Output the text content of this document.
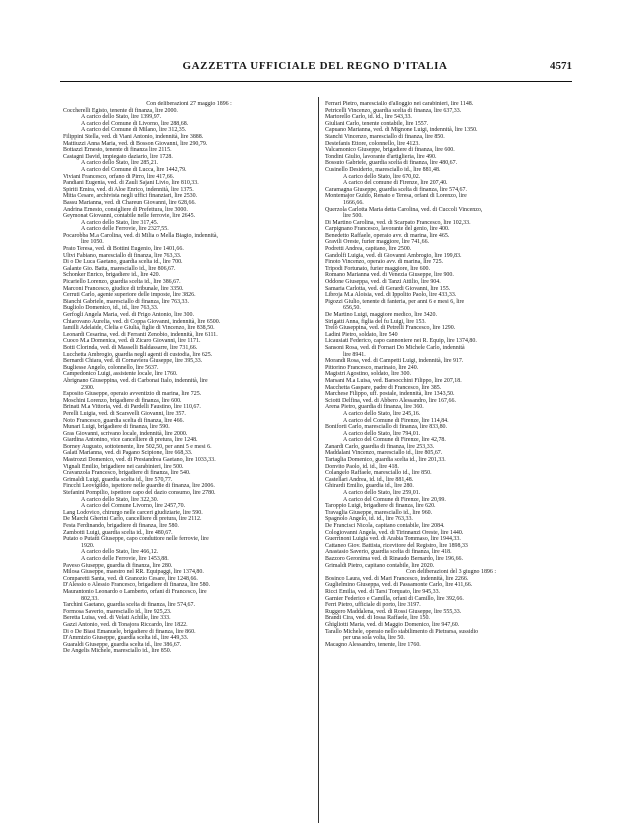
GAZZETTA UFFICIALE DEL REGNO D'ITALIA	4571

Con deliberazioni 27 maggio 1896 :

Coccherelli Egisto, tenente di finanza, lire 2000.

A carico dello Stato, lire 1399,97.

A carico del Comune di Livorno, lire 288,68.

A carico del Comune di Milano, lire 312,35.

Filippini Stella, ved. di Viani Antonio, indennità, lire 3888.

Mattiuzzi Anna Maria, ved. di Bosson Giovanni, lire 290,79.

Bottazzi Ernesto, tenente di finanza lire 2115.

Castagni David, impiegato daziario, lire 1728.

A carico dello Stato, lire 285,21.

A carico del Comune di Lucca, lire 1442,79.

Viviani Francesco, orfano di Pirro, lire 417,66.

Pandiani Eugenia, ved. di Zauli Sajani Livio, lire 810,33.

Spiriti Emira, ved. di Aloe Enrico, indennità, lire 1375.

Mitta Cesare, archivista negli uffici finanziari, lire 2530.

Bassu Marianna, ved. di Chareun Giovanni, lire 628,66.

Andrina Ernesto, consigliere di Prefettura, lire 3000.

Geymonat Giovanni, contabile nelle ferrovie, lire 2645.

A carico dello Stato, lire 317,45.

A carico delle Ferrovie, lire 2327,55.

Pocarobba M.a Carolina, ved. di Milia o Mella Biagio, indennità,

lire 1050.

Prato Teresa, ved. di Bottini Eugenio, lire 1401,66.

Ultvi Fabiano, maresciallo di finanza, lire 763,33.

Di o De Luca Gaetano, guardia scelta id., lire 700.

Galante Gio. Batta, maresciallo id., lire 806,67.

Schonker Enrico, brigadiere id., lire 420.

Picariello Lorenzo, guardia scelta id., lire 386,67.

Marconi Francesco, giudice di tribunale, lire 3350.

Cerruti Carlo, agente superiore delle imposte, lire 3826.

Bianchi Gabriele, maresciallo di finanza, lire 763,33.

Bugliolo Domenico, id., id., lire 763,33.

Gerfogli Angela Maria, ved. di Frigo Antonio, lire 300.

Chiarovano Aurelia, ved. di Coppa Giovanni, indennità, lire 6500.

Iamilli Adelaide, Clelia e Giulia, figlie di Vincenzo, lire 838,50.

Leonardi Cesarina, ved. di Ferranti Zenobio, indennità, lire 6111.

Cuoco M.a Domenica, ved. di Zicaro Giovanni, lire 1171.

Botti Clorinda, ved. di Masselli Baldassarre, lire 731,66.

Lucchetta Ambrogio, guardia negli agenti di custodia, lire 625.

Bernardi Chiara, ved. di Cornaviera Giuseppe, lire 395,33.

Bugliesse Angelo, colonnello, lire 5637.

Campedonico Luigi, assistente locale, lire 1760.

Abrignano Giuseppina, ved. di Carbonai Italo, indennità, lire

2300.

Esposito Giuseppe, operaio avventizio di marina, lire 725.

Moschini Lorenzo, brigadiere di finanza, lire 600.

Brinati M.a Vittoria, ved. di Pardelli Faustino, lire 110,67.

Perelli Luigia, ved. di Scarsvelli Giovanni, lire 357.

Noto Francesco, guardia scelta di finanza, lire 466.

Munari Luigi, brigadiere di finanza, lire 590.

Gras Giovanni, scrivano locale, indennità, lire 2000.

Giardina Antonino, vice cancelliere di pretura, lire 1248.

Borney Augusto, sottotenente, lire 502,50, per anni 5 e mesi 6.

Galati Marianna, ved. di Pagano Scipione, lire 668,33.

Mastrozzi Domenico, ved. di Prestandrea Gaetano, lire 1033,33.

Vignali Emilio, brigadiere nei carabinieri, lire 500.

Cravanzola Francesco, brigadiere di finanza, lire 540.

Grimaldi Luigi, guardia scelta id., lire 570,77.

Fincchi Leovigildo, ispettore nelle guardie di finanza, lire 2006.

Stefanini Pompilio, ispettore capo del dazio consumo, lire 2780.

A carico dello Stato, lire 322,30.

A carico del Comune Livorno, lire 2457,70.

Lang Lodovico, chirurgo nelle carceri giudiziarie, lire 590.

De Marchi Gherini Carlo, cancelliere di pretura, lire 2112.

Festa Ferdinando, brigadiere di finanza, lire 580.

Zambotti Luigi, guardia scelta id., lire 480,67.

Putato o Putatti Giuseppe, capo conduttore nelle ferrovie, lire

1920.

A carico dello Stato, lire 466,12.

A carico delle Ferrovie, lire 1453,88.

Paveso Giuseppe, guardia di finanza, lire 280.

Milosa Giuseppe, maestro nel RR. Equipaggi, lire 1374,80.

Comparetti Santa, ved. di Granozio Cesare, lire 1248,66.

D'Alessio o Alessio Francesco, brigadiere di finanza, lire 580.

Maurantonio Leonardo o Lamberto, orfani di Francesco, lire

802,33.

Tarchini Gaetano, guardia scelta di finanza, lire 574,67.

Formosa Saverio, maresciallo id., lire 925,23.

Beretta Luisa, ved. di Velati Achille, lire 333.

Gazzi Antonio, ved. di Tonajora Riccardo, lire 1822.

Di o De Biasi Emanuele, brigadiere di finanza, lire 860.

D'Ammizio Giuseppe, guardia scelta id., lire 449,33.

Guaraldi Giuseppe, guardia scelta id., lire 386,67.

De Angelis Michele, maresciallo id., lire 850.

Ferrari Pietro, maresciallo d'alloggio nei carabinieri, lire 1148.

Petricelli Vincenzo, guardia scelta di finanza, lire 637,33.

Martorello Carlo, id. id., lire 543,33.

Giuliani Carlo, tenente contabile, lire 1557.

Capuano Marianna, ved. di Mignone Luigi, indennità, lire 1350.

Stanchi Vincenzo, maresciallo di finanza, lire 850.

Destefanis Ettore, colonnello, lire 4123.

Valcamonico Giuseppe, brigadiere di finanza, lire 600.

Tondini Giulio, lavorante d'artiglieria, lire 490.

Bossuto Gabriele, guardia scelta di finanza, lire 480,67.

Cusinello Desiderio, maresciallo id., lire 881,48.

A carico dello Stato, lire 670,02.

A carico del comune di Firenze, lire 207,40.

Caramagna Giuseppe, guardia scelta di finanza, lire 574,67.

Montemajor Guido, Renato e Teresa, orfani di Lorenzo, lire

1666,66.

Querzola Carlotta Maria detta Carolina, ved. di Cuccoli Vincenzo,

lire 500.

Di Martino Carolina, ved. di Scarpato Francesco, lire 102,33.

Carpignano Francesco, lavorante del genio, lire 400.

Benedetto Raffaele, operaio avv. di marina, lire 465.

Gravili Oreste, furier maggiore, lire 741,66.

Podretti Andrea, capitano, lire 2500.

Gandolfi Luigia, ved. di Giovanni Ambrogio, lire 199,83.

Finoto Vincenzo, operaio avv. di marina, lire 725.

Tripodi Fortunato, furier maggiore, lire 600.

Romano Marianna ved. di Venezia Giuseppe, lire 900.

Oddone Giuseppa, ved. di Tanzi Attilio, lire 904.

Samaria Carlotta, ved. di Gerardi Giovanni, lire 155.

Libroja M.a Aloisia, ved. di Ippolito Paolo, lire 433,33.

Pigozzi Giulio, tenente di fanteria, per anni 6 e mesi 6, lire

656,50.

De Martino Luigi, maggiore medico, lire 3420.

Sirigatti Anna, figlia del fu Luigi, lire 153.

Trelò Giuseppina, ved. di Petrelli Francesco, lire 1290.

Ladini Pietro, soldato, lire 540

Licausiati Federico, capo cannoniere nei R. Equip, lire 1374,80.

Sansoni Rosa, ved. di Fornari Do Michele Carlo, indennità

lire 8941.

Morandi Rosa, ved. di Campetti Luigi, indennità, lire 917.

Pittorino Francesco, marinaio, lire 240.

Magistri Agostino, soldato, lire 300.

Marsani M.a Luisa, ved. Barsocchini Filippo, lire 207,18.

Macchetta Gaspare, padre di Francesco, lire 385.

Marchese Filippo, uff. postale, indennità, lire 1343,50.

Sciotti Delfina, ved. di Abbero Alessandro, lire 167,66.

Arena Pietro, guardia di finanza, lire 360.

A carico dello Stato, lire 245,16.

A carico del Comune di Firenze, lire 114,84.

Boniforti Carlo, maresciallo di finanza, lire 833,80.

A carico dello Stato, lire 794,01.

A carico del Comune di Firenze, lire 42,78.

Zanardi Carlo, guardia di finanza, lire 253,33.

Maddalani Vincenzo, maresciallo id., lire 805,67.

Tartaglia Domenico, guardia scelta id., lire 201,33.

Donvito Paolo, id. id., lire 418.

Colangelo Raffaele, maresciallo id., lire 850.

Castellari Andrea, id. id., lire 881,48.

Ghirardi Emilio, guardia id., lire 280.

A carico dello Stato, lire 259,01.

A carico del Comune di Firenze, lire 20,99.

Taroppio Luigi, brigadiere di finanza, lire 620.

Travaglia Giuseppe, maresciallo id., lire 960.

Spagnolo Angelo, id. id., lire 763,33.

De Francisci Nicola, capitano contabile, lire 2084.

Cologiovanni Angela, ved. di Tirinnanzi Oreste, lire 1440.

Guerrinoni Luigia ved. di Arabia Tommaso, lire 1944,33.

Cattaneo Giov. Battista, ricevitore del Registro, lire 1898,33

Anastasio Saverio, guardia scelta di finanza, lire 418.

Bazzoro Geronima ved. di Rinaudo Bernardo, lire 196,66.

Grimaldi Pietro, capitano contabile, lire 2020.

Con deliberazioni del 3 giugno 1896 :

Bosinco Laura, ved. di Mari Francesco, indennità, lire 2266.

Guglielmino Giuseppa, ved. di Passamonte Carlo, lire 411,66.

Ricci Emilia, ved. di Tarsi Torquato, lire 945,33.

Garnier Federico e Camilla, orfani di Camillo, lire 392,66.

Ferri Pietro, ufficiale di porto, lire 3197.

Ruggero Maddalena, ved. di Rossi Giuseppe, lire 555,33.

Brandi Cira, ved. di Iossa Raffaele, lire 150.

Ghigliotti Maria, ved. di Maggio Domenico, lire 947,60.

Tarallo Michele, operaio nello stabilimento di Pietrarsa, sussidio

per una sola volta, lire 50.

Macagno Alessandro, tenente, lire 1760.
